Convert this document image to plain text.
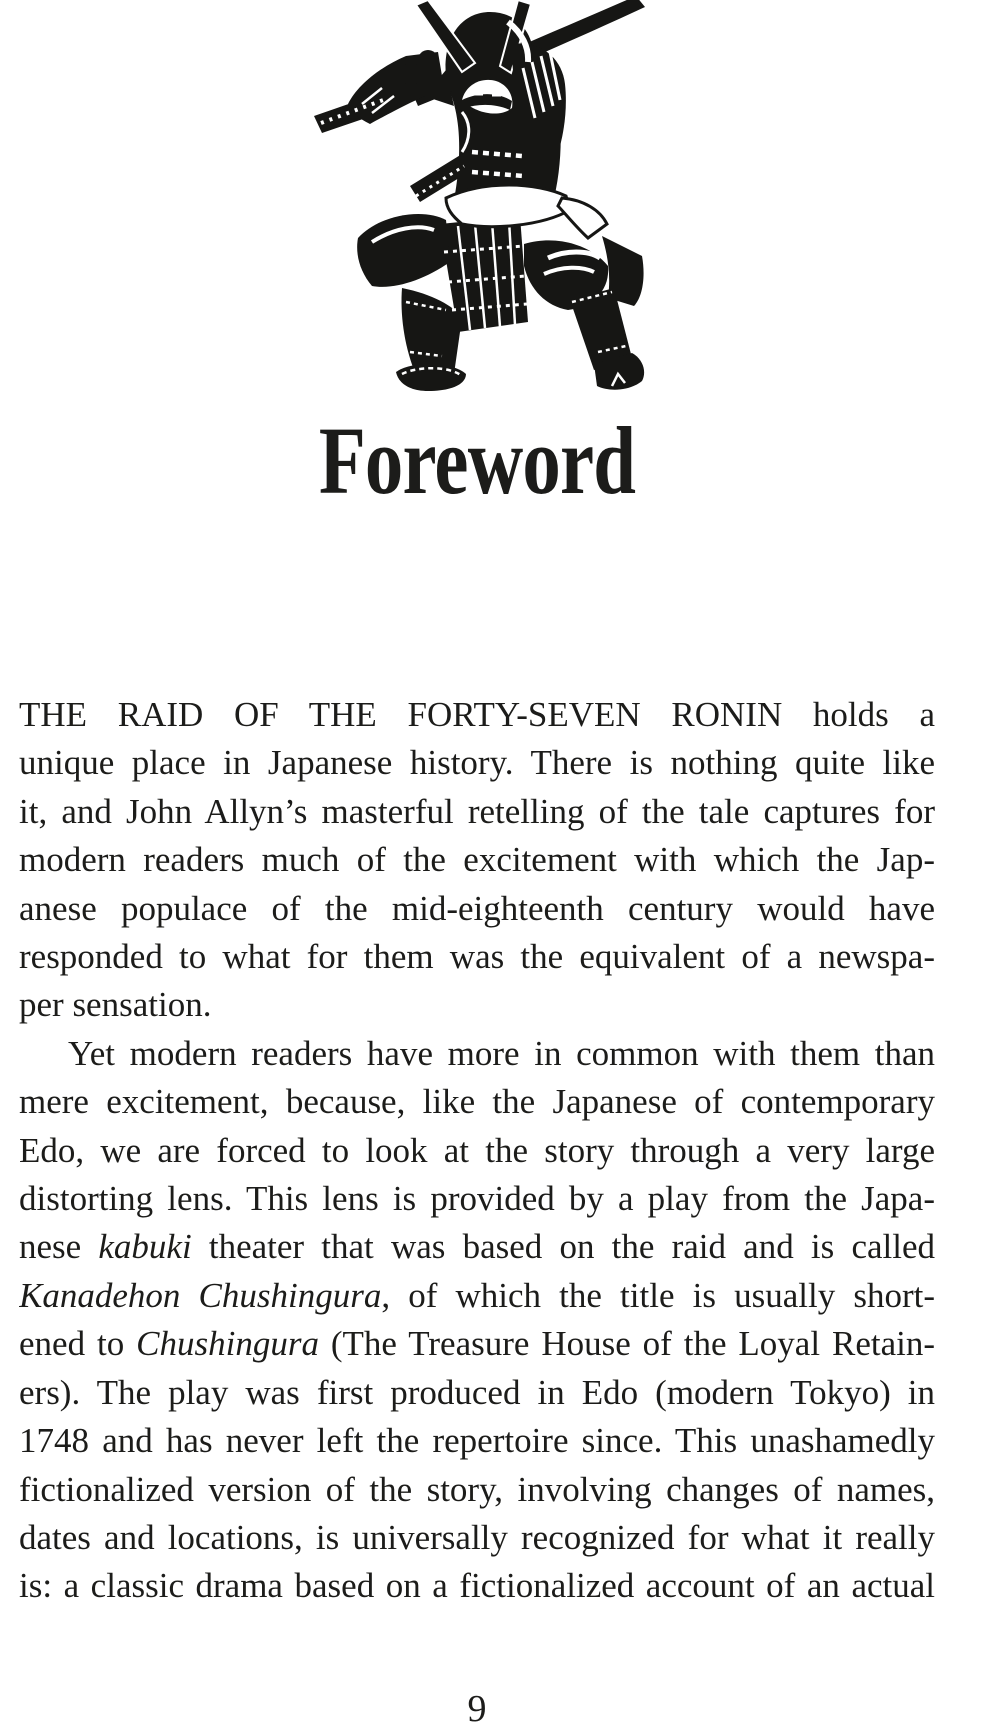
Foreword
THE RAID OF THE FORTY-SEVEN RONIN holds a
unique place in Japanese history. There is nothing quite like
it, and John Allyn’s masterful retelling of the tale captures for
modern readers much of the excitement with which the Jap-
anese populace of the mid-eighteenth century would have
responded to what for them was the equivalent of a newspa-
per sensation.
Yet modern readers have more in common with them than
mere excitement, because, like the Japanese of contemporary
Edo, we are forced to look at the story through a very large
distorting lens. This lens is provided by a play from the Japa-
nese kabuki theater that was based on the raid and is called
Kanadehon Chushingura, of which the title is usually short-
ened to Chushingura (The Treasure House of the Loyal Retain-
ers). The play was first produced in Edo (modern Tokyo) in
1748 and has never left the repertoire since. This unashamedly
fictionalized version of the story, involving changes of names,
dates and locations, is universally recognized for what it really
is: a classic drama based on a fictionalized account of an actual
9
